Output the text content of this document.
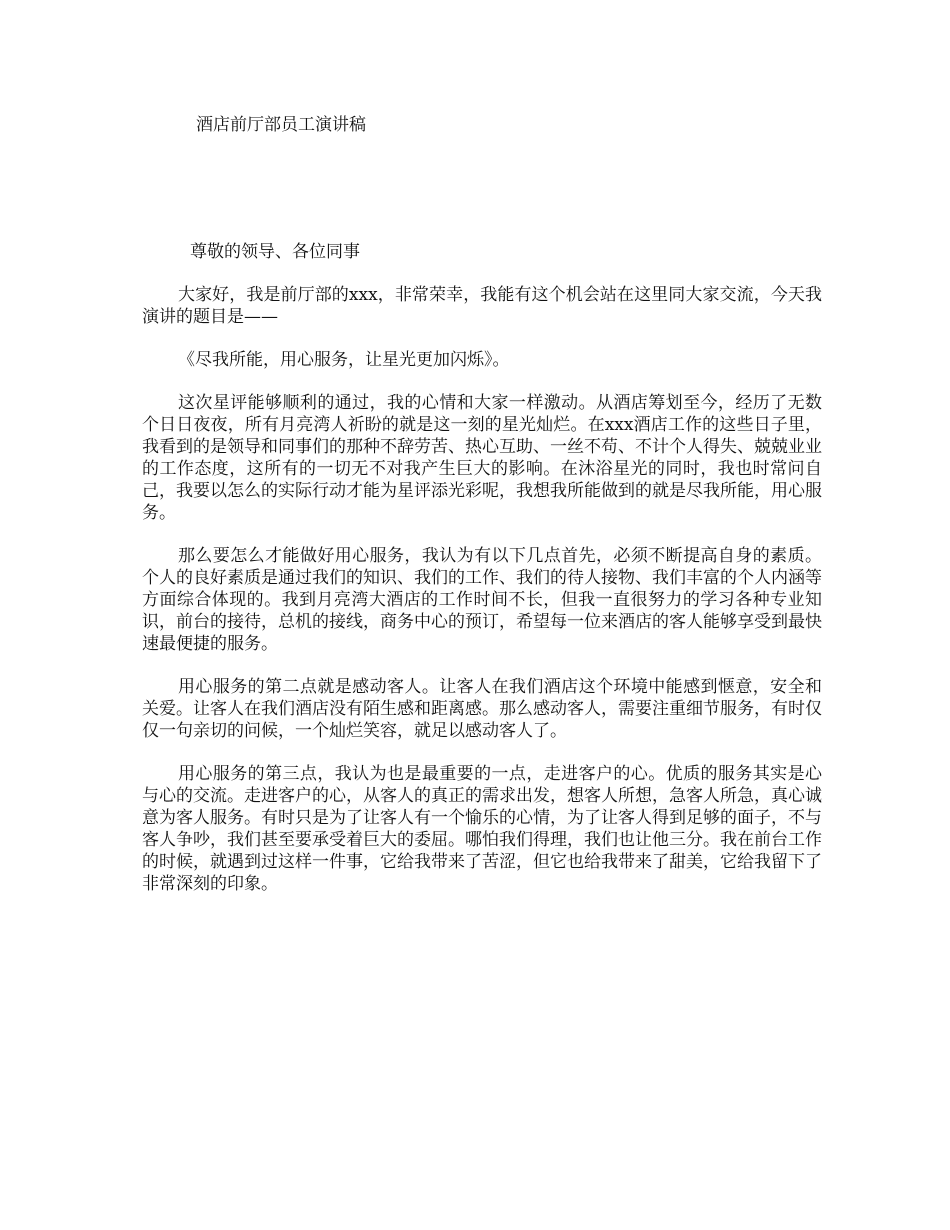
酒店前厅部员工演讲稿
尊敬的领导、各位同事

大家好，我是前厅部的xxx，非常荣幸，我能有这个机会站在这里同大家交流，今天我演讲的题目是——

《尽我所能，用心服务，让星光更加闪烁》。

这次星评能够顺利的通过，我的心情和大家一样激动。从酒店筹划至今，经历了无数个日日夜夜，所有月亮湾人祈盼的就是这一刻的星光灿烂。在xxx酒店工作的这些日子里，我看到的是领导和同事们的那种不辞劳苦、热心互助、一丝不苟、不计个人得失、兢兢业业的工作态度，这所有的一切无不对我产生巨大的影响。在沐浴星光的同时，我也时常问自己，我要以怎么的实际行动才能为星评添光彩呢，我想我所能做到的就是尽我所能，用心服务。

那么要怎么才能做好用心服务，我认为有以下几点首先，必须不断提高自身的素质。个人的良好素质是通过我们的知识、我们的工作、我们的待人接物、我们丰富的个人内涵等方面综合体现的。我到月亮湾大酒店的工作时间不长，但我一直很努力的学习各种专业知识，前台的接待，总机的接线，商务中心的预订，希望每一位来酒店的客人能够享受到最快速最便捷的服务。

用心服务的第二点就是感动客人。让客人在我们酒店这个环境中能感到惬意，安全和关爱。让客人在我们酒店没有陌生感和距离感。那么感动客人，需要注重细节服务，有时仅仅一句亲切的问候，一个灿烂笑容，就足以感动客人了。

用心服务的第三点，我认为也是最重要的一点，走进客户的心。优质的服务其实是心与心的交流。走进客户的心，从客人的真正的需求出发，想客人所想，急客人所急，真心诚意为客人服务。有时只是为了让客人有一个愉乐的心情，为了让客人得到足够的面子，不与客人争吵，我们甚至要承受着巨大的委屈。哪怕我们得理，我们也让他三分。我在前台工作的时候，就遇到过这样一件事，它给我带来了苦涩，但它也给我带来了甜美，它给我留下了非常深刻的印象。
